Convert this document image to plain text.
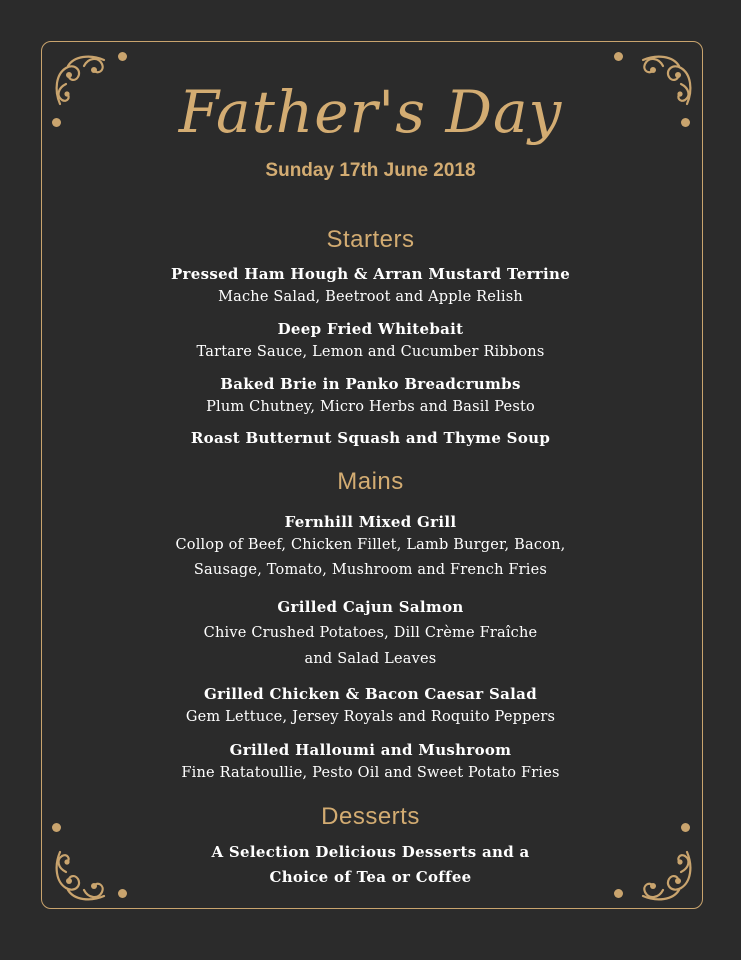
Father's Day
Sunday 17th June 2018
Starters
Pressed Ham Hough & Arran Mustard Terrine
Mache Salad, Beetroot and Apple Relish
Deep Fried Whitebait
Tartare Sauce, Lemon and Cucumber Ribbons
Baked Brie in Panko Breadcrumbs
Plum Chutney, Micro Herbs and Basil Pesto
Roast Butternut Squash and Thyme Soup
Mains
Fernhill Mixed Grill
Collop of Beef, Chicken Fillet, Lamb Burger, Bacon,
Sausage, Tomato, Mushroom and French Fries
Grilled Cajun Salmon
Chive Crushed Potatoes, Dill Crème Fraîche
and Salad Leaves
Grilled Chicken & Bacon Caesar Salad
Gem Lettuce, Jersey Royals and Roquito Peppers
Grilled Halloumi and Mushroom
Fine Ratatoullie, Pesto Oil and Sweet Potato Fries
Desserts
A Selection Delicious Desserts and a
Choice of Tea or Coffee
